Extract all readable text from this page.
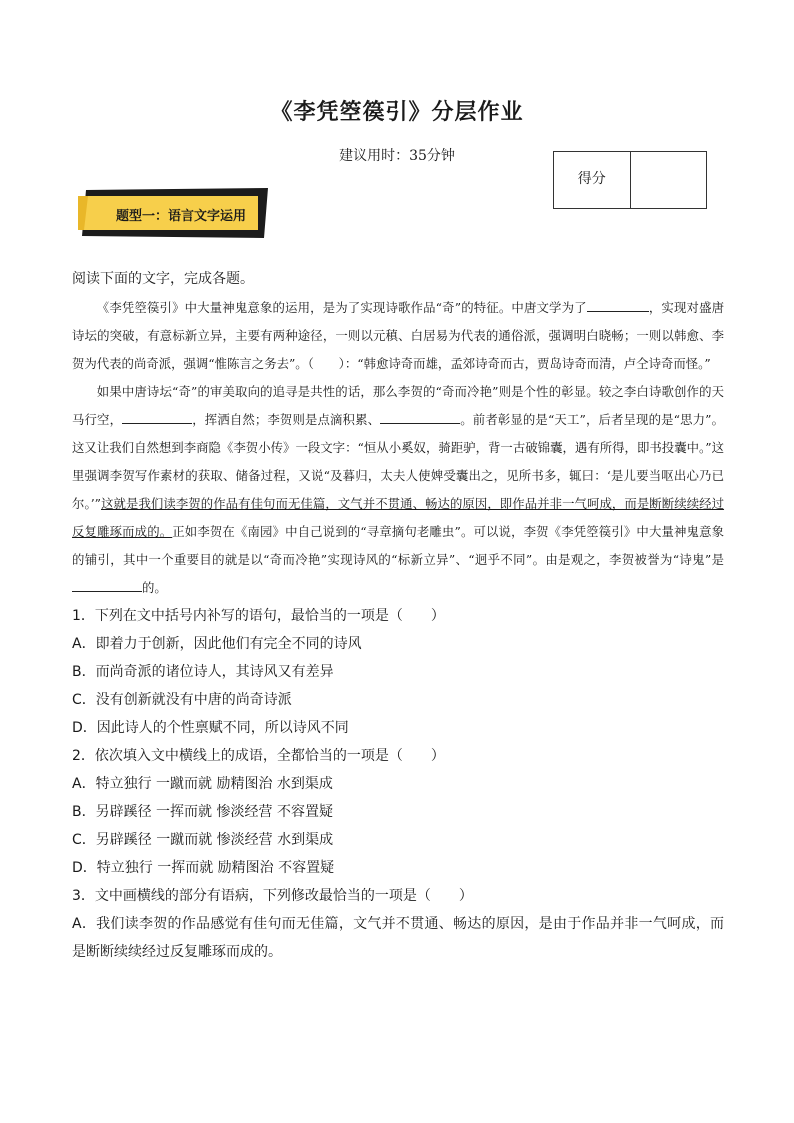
《李凭箜篌引》分层作业
建议用时：35分钟
得分
题型一：语言文字运用

阅读下面的文字，完成各题。

《李凭箜篌引》中大量神鬼意象的运用，是为了实现诗歌作品“奇”的特征。中唐文学为了	，实现对盛唐诗坛的突破，有意标新立异，主要有两种途径，一则以元稹、白居易为代表的通俗派，强调明白晓畅；一则以韩愈、李贺为代表的尚奇派，强调“惟陈言之务去”。（　　）：“韩愈诗奇而雄，孟郊诗奇而古，贾岛诗奇而清，卢仝诗奇而怪。”

如果中唐诗坛“奇”的审美取向的追寻是共性的话，那么李贺的“奇而冷艳”则是个性的彰显。较之李白诗歌创作的天马行空，	，挥洒自然；李贺则是点滴积累、	。前者彰显的是“天工”，后者呈现的是“思力”。这又让我们自然想到李商隐《李贺小传》一段文字：“恒从小奚奴，骑距驴，背一古破锦囊，遇有所得，即书投囊中。”这里强调李贺写作素材的获取、储备过程，又说“及暮归，太夫人使婢受囊出之，见所书多，辄曰：‘是儿要当呕出心乃已尔。’”这就是我们读李贺的作品有佳句而无佳篇，文气并不贯通、畅达的原因，即作品并非一气呵成，而是断断续续经过反复雕琢而成的。正如李贺在《南园》中自己说到的“寻章摘句老雕虫”。可以说，李贺《李凭箜篌引》中大量神鬼意象的铺引，其中一个重要目的就是以“奇而冷艳”实现诗风的“标新立异”、“迥乎不同”。由是观之，李贺被誉为“诗鬼”是的。

1．下列在文中括号内补写的语句，最恰当的一项是（　　）

A．即着力于创新，因此他们有完全不同的诗风

B．而尚奇派的诸位诗人，其诗风又有差异

C．没有创新就没有中唐的尚奇诗派

D．因此诗人的个性禀赋不同，所以诗风不同

2．依次填入文中横线上的成语，全都恰当的一项是（　　）

A．特立独行 一蹴而就 励精图治 水到渠成

B．另辟蹊径 一挥而就 惨淡经营 不容置疑

C．另辟蹊径 一蹴而就 惨淡经营 水到渠成

D．特立独行 一挥而就 励精图治 不容置疑

3．文中画横线的部分有语病，下列修改最恰当的一项是（　　）

A．我们读李贺的作品感觉有佳句而无佳篇，文气并不贯通、畅达的原因，是由于作品并非一气呵成，而是断断续续经过反复雕琢而成的。
